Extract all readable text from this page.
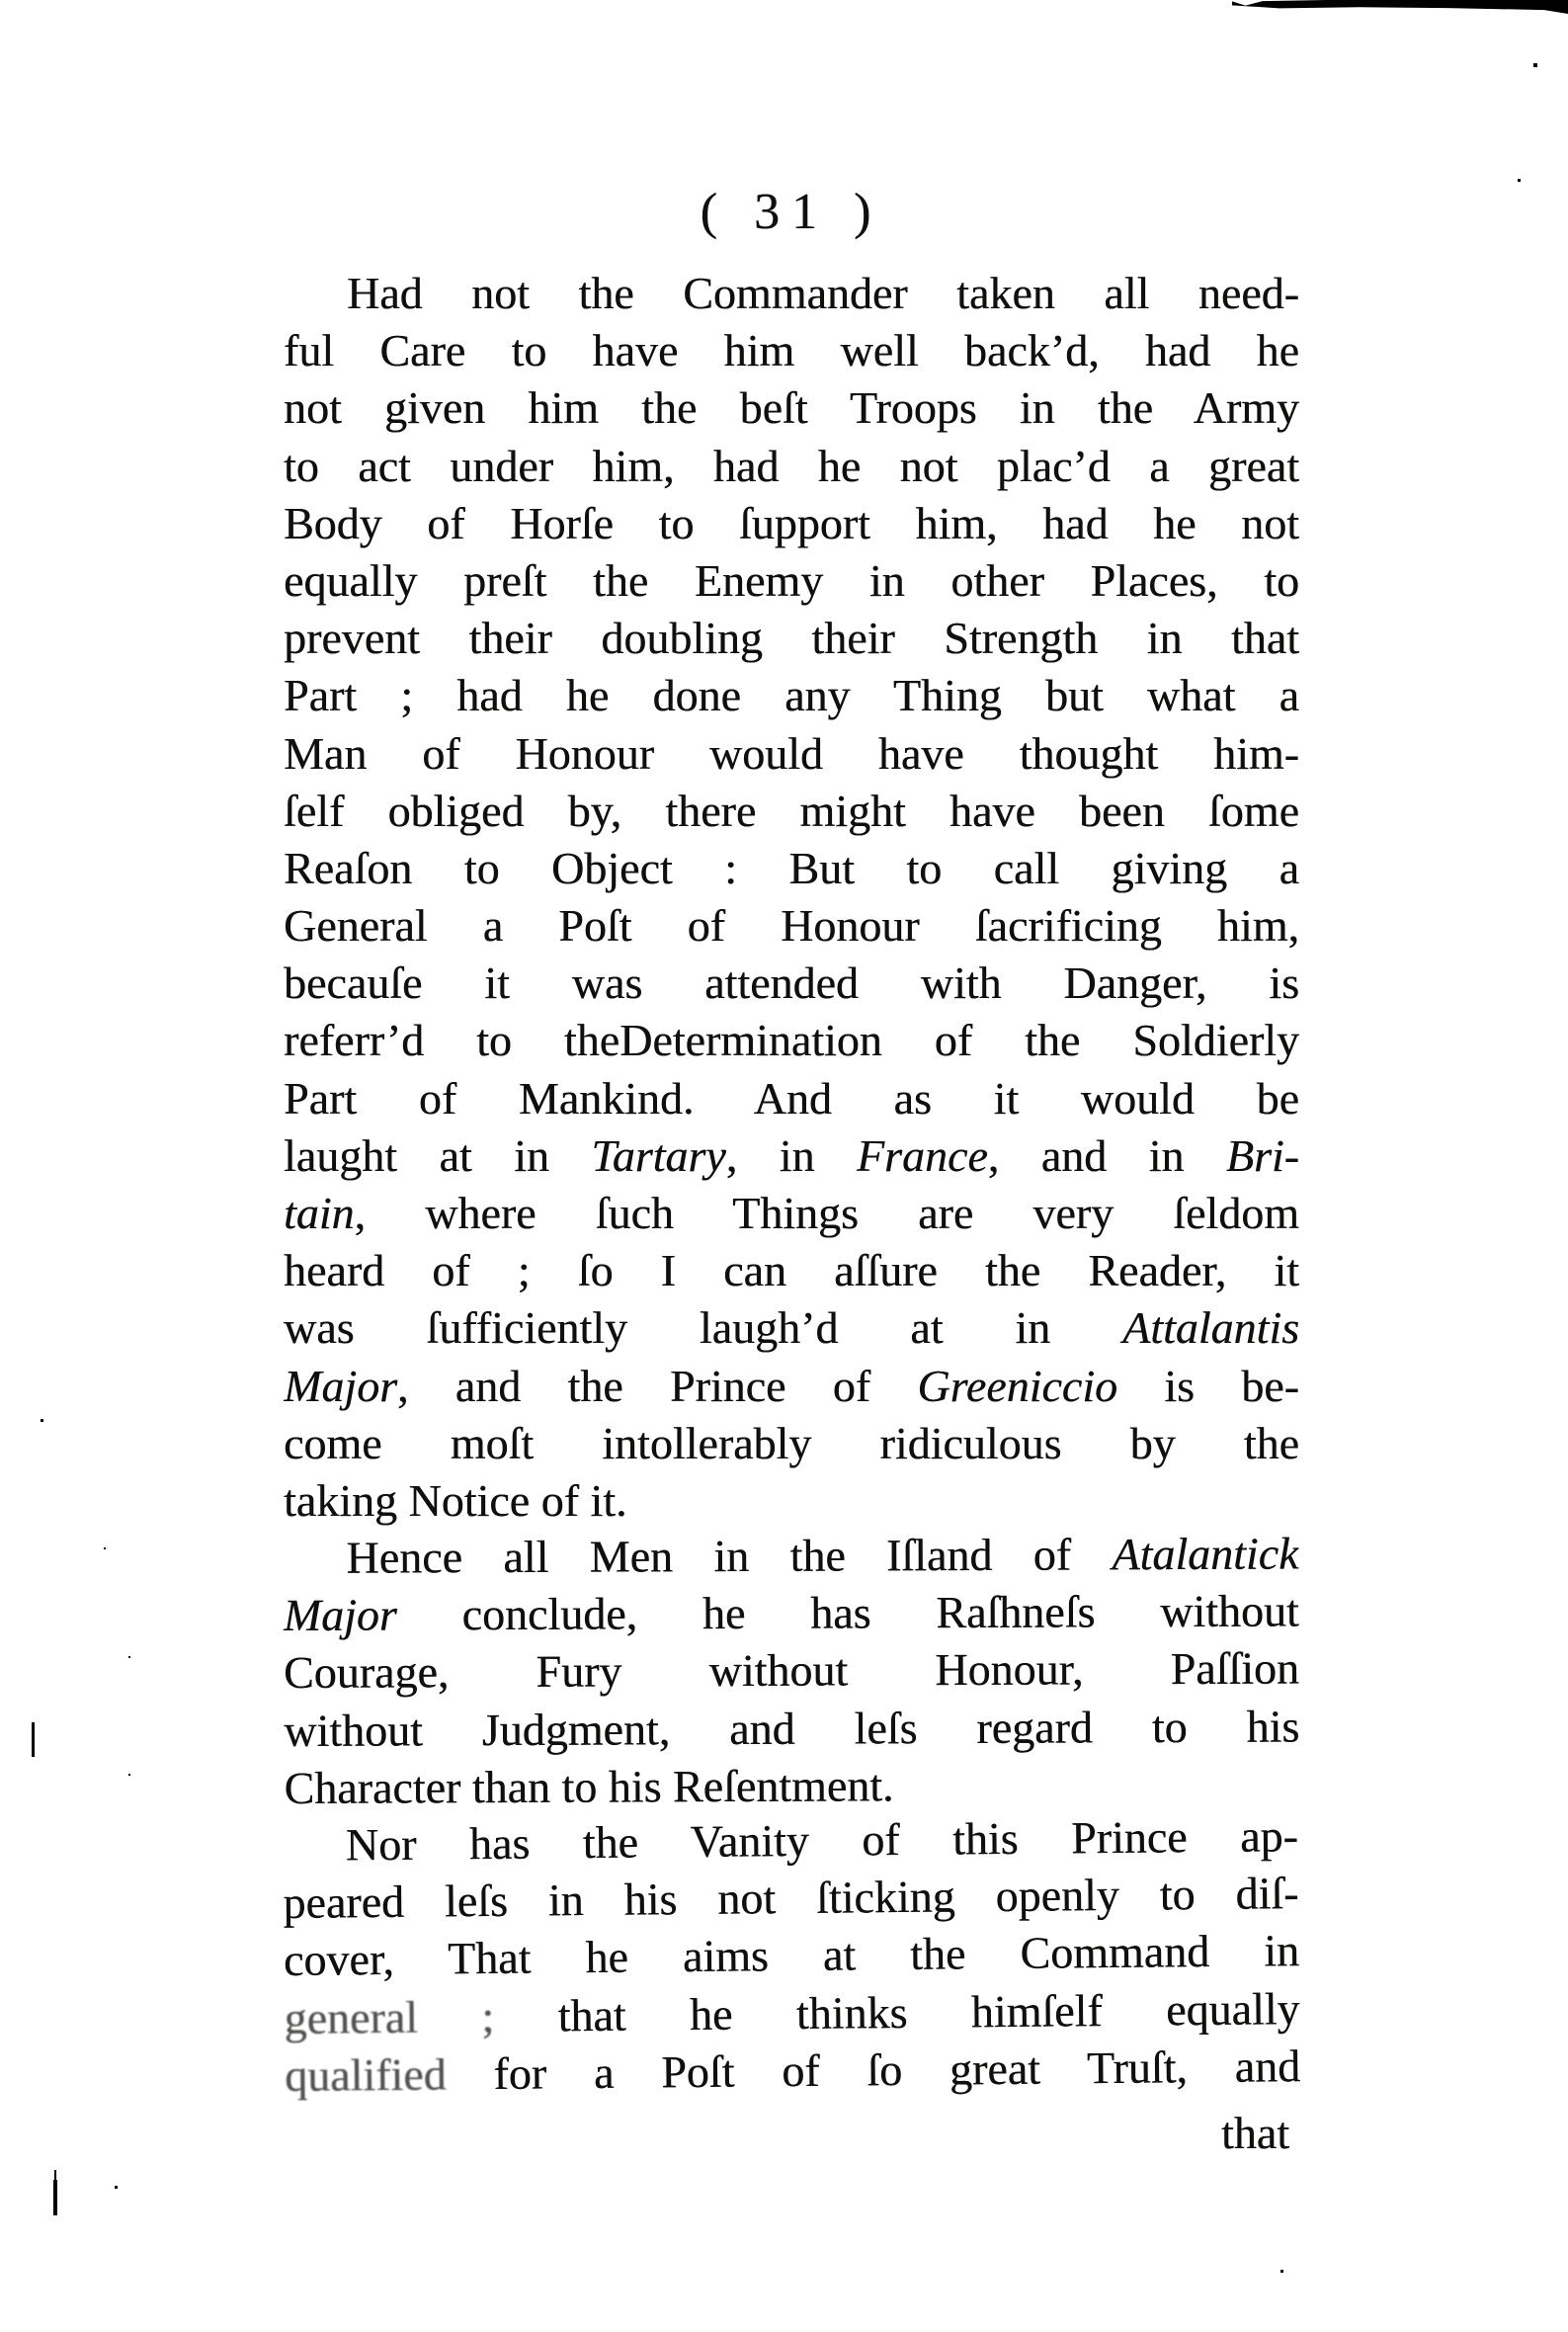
( 31 )
Had not the Commander taken all need-
ful Care to have him well back’d, had he
not given him the beſt Troops in the Army
to act under him, had he not plac’d a great
Body of Horſe to ſupport him, had he not
equally preſt the Enemy in other Places, to
prevent their doubling their Strength in that
Part ; had he done any Thing but what a
Man of Honour would have thought him-
ſelf obliged by, there might have been ſome
Reaſon to Object : But to call giving a
General a Poſt of Honour ſacrificing him,
becauſe it was attended with Danger, is
referr’d to theDetermination of the Soldierly
Part of Mankind. And as it would be
laught at in Tartary, in France, and in Bri-
tain, where ſuch Things are very ſeldom
heard of ; ſo I can aſſure the Reader, it
was ſufficiently laugh’d at in Attalantis
Major, and the Prince of Greeniccio is be-
come moſt intollerably ridiculous by the
taking Notice of it.
Hence all Men in the Iſland of Atalantick
Major conclude, he has Raſhneſs without
Courage, Fury without Honour, Paſſion
without Judgment, and leſs regard to his
Character than to his Reſentment.
Nor has the Vanity of this Prince ap-
peared leſs in his not ſticking openly to diſ-
cover, That he aims at the Command in
general ; that he thinks himſelf equally
qualified for a Poſt of ſo great Truſt, and
that
